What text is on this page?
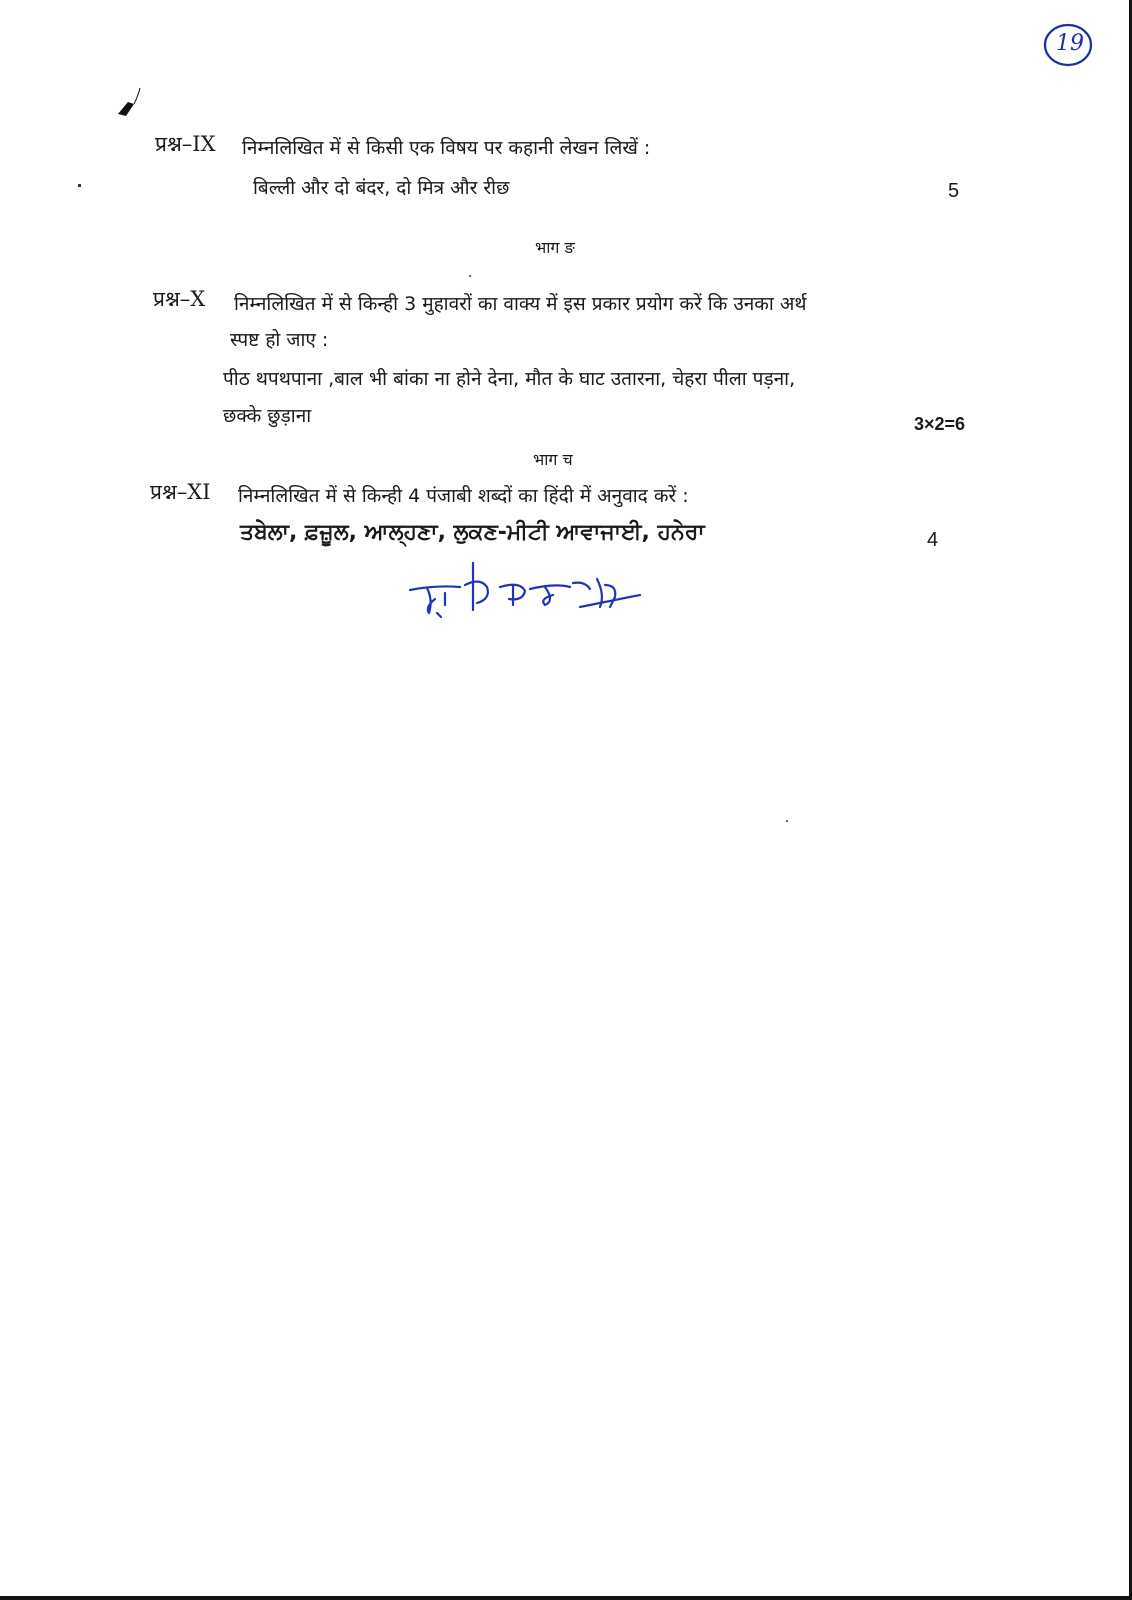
19
प्रश्न–IX निम्नलिखित में से किसी एक विषय पर कहानी लेखन लिखें :
बिल्ली और दो बंदर, दो मित्र और रीछ	5
भाग ङ
प्रश्न–X निम्नलिखित में से किन्ही 3 मुहावरों का वाक्य में इस प्रकार प्रयोग करें कि उनका अर्थ
स्पष्ट हो जाए :
पीठ थपथपाना ,बाल भी बांका ना होने देना, मौत के घाट उतारना, चेहरा पीला पड़ना,
छक्के छुड़ाना	3×2=6
भाग च
प्रश्न–XI निम्नलिखित में से किन्ही 4 पंजाबी शब्दों का हिंदी में अनुवाद करें :
ਤਬੇਲਾ, ਫ਼ਜ਼ੂਲ, ਆਲ੍ਹਣਾ, ਲੁਕਣ-ਮੀਟੀ ਆਵਾਜਾਈ, ਹਨੇਰਾ	4
